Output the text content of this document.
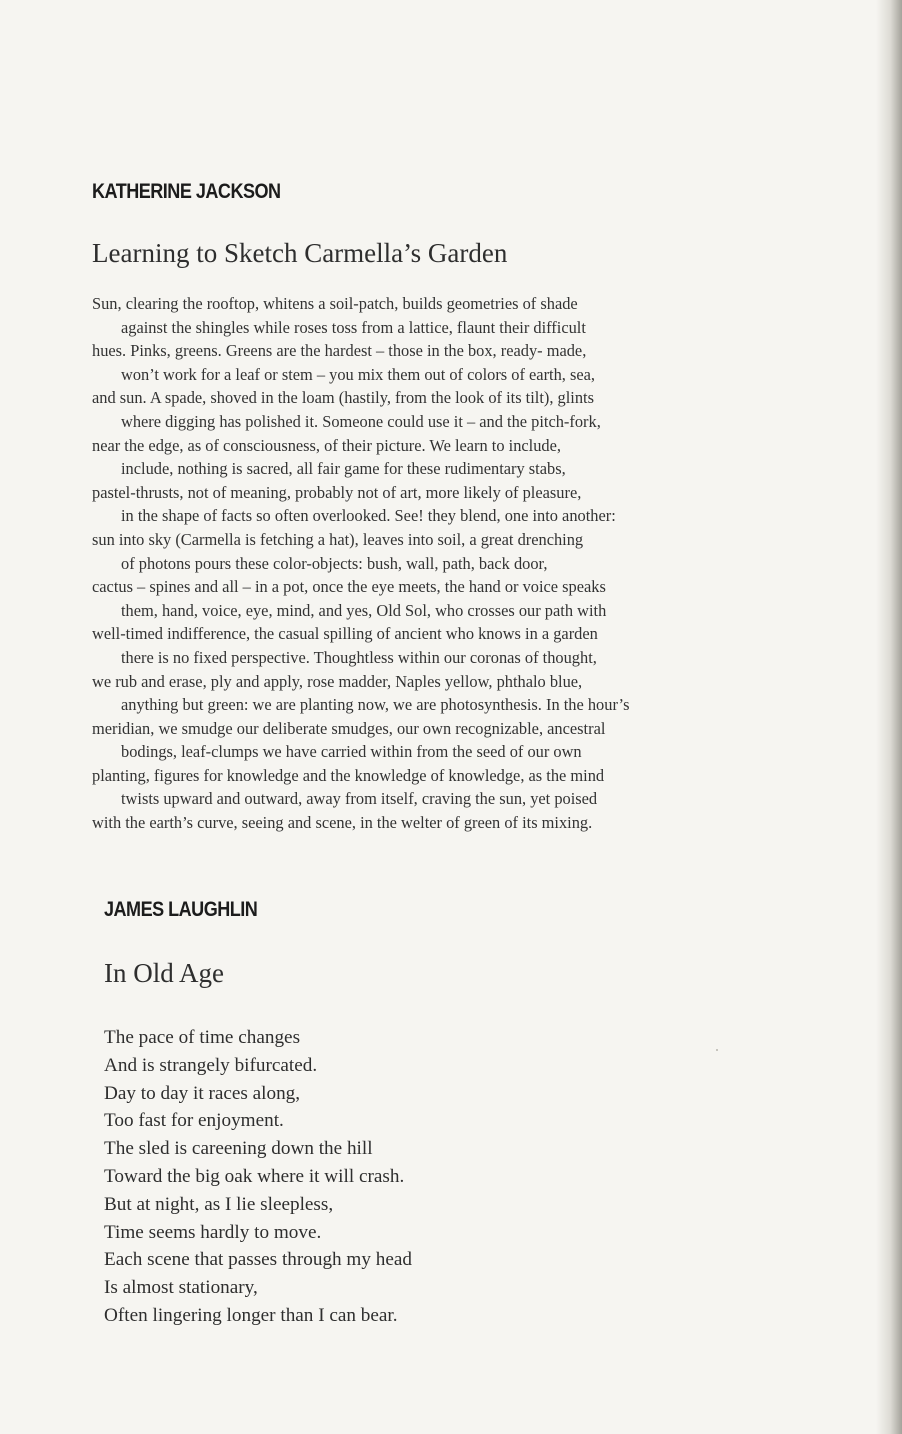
KATHERINE JACKSON
Learning to Sketch Carmella’s Garden
Sun, clearing the rooftop, whitens a soil-patch, builds geometries of shade
against the shingles while roses toss from a lattice, flaunt their difficult
hues. Pinks, greens. Greens are the hardest – those in the box, ready- made,
won’t work for a leaf or stem – you mix them out of colors of earth, sea,
and sun. A spade, shoved in the loam (hastily, from the look of its tilt), glints
where digging has polished it. Someone could use it – and the pitch-fork,
near the edge, as of consciousness, of their picture. We learn to include,
include, nothing is sacred, all fair game for these rudimentary stabs,
pastel-thrusts, not of meaning, probably not of art, more likely of pleasure,
in the shape of facts so often overlooked. See! they blend, one into another:
sun into sky (Carmella is fetching a hat), leaves into soil, a great drenching
of photons pours these color-objects: bush, wall, path, back door,
cactus – spines and all – in a pot, once the eye meets, the hand or voice speaks
them, hand, voice, eye, mind, and yes, Old Sol, who crosses our path with
well-timed indifference, the casual spilling of ancient who knows in a garden
there is no fixed perspective. Thoughtless within our coronas of thought,
we rub and erase, ply and apply, rose madder, Naples yellow, phthalo blue,
anything but green: we are planting now, we are photosynthesis. In the hour’s
meridian, we smudge our deliberate smudges, our own recognizable, ancestral
bodings, leaf-clumps we have carried within from the seed of our own
planting, figures for knowledge and the knowledge of knowledge, as the mind
twists upward and outward, away from itself, craving the sun, yet poised
with the earth’s curve, seeing and scene, in the welter of green of its mixing.
JAMES LAUGHLIN
In Old Age
The pace of time changes
And is strangely bifurcated.
Day to day it races along,
Too fast for enjoyment.
The sled is careening down the hill
Toward the big oak where it will crash.
But at night, as I lie sleepless,
Time seems hardly to move.
Each scene that passes through my head
Is almost stationary,
Often lingering longer than I can bear.
